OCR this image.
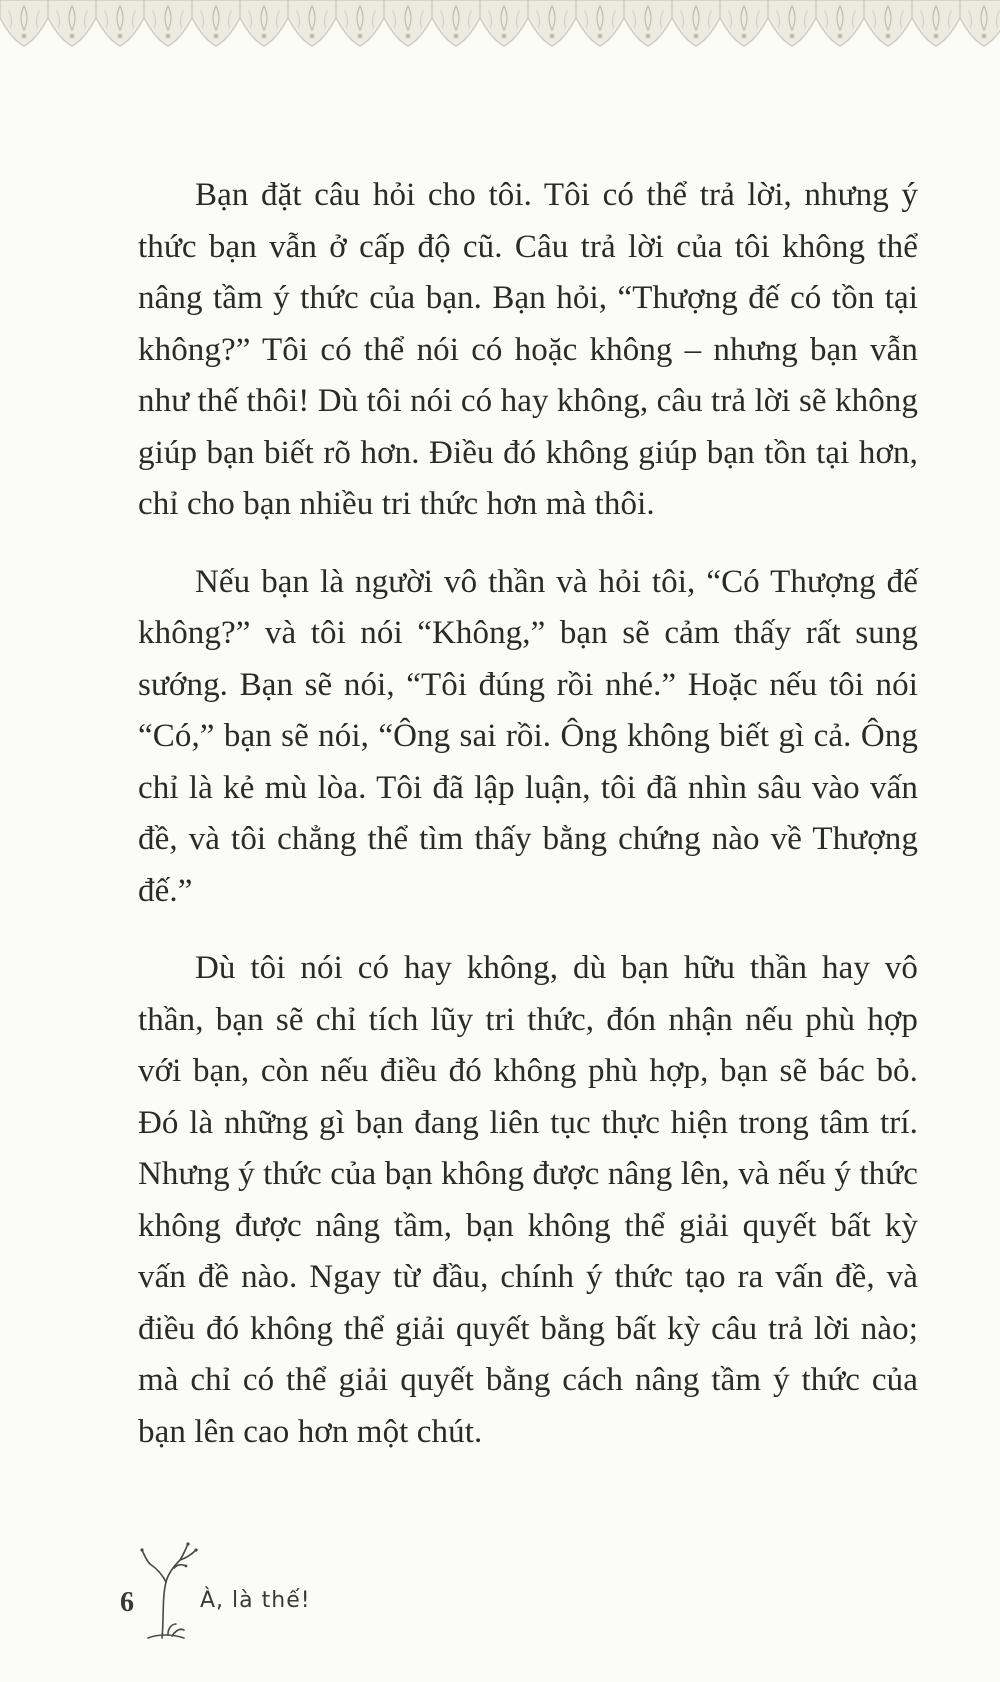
Bạn đặt câu hỏi cho tôi. Tôi có thể trả lời, nhưng ý thức bạn vẫn ở cấp độ cũ. Câu trả lời của tôi không thể nâng tầm ý thức của bạn. Bạn hỏi, “Thượng đế có tồn tại không?” Tôi có thể nói có hoặc không – nhưng bạn vẫn như thế thôi! Dù tôi nói có hay không, câu trả lời sẽ không giúp bạn biết rõ hơn. Điều đó không giúp bạn tồn tại hơn, chỉ cho bạn nhiều tri thức hơn mà thôi.

Nếu bạn là người vô thần và hỏi tôi, “Có Thượng đế không?” và tôi nói “Không,” bạn sẽ cảm thấy rất sung sướng. Bạn sẽ nói, “Tôi đúng rồi nhé.” Hoặc nếu tôi nói “Có,” bạn sẽ nói, “Ông sai rồi. Ông không biết gì cả. Ông chỉ là kẻ mù lòa. Tôi đã lập luận, tôi đã nhìn sâu vào vấn đề, và tôi chẳng thể tìm thấy bằng chứng nào về Thượng đế.”

Dù tôi nói có hay không, dù bạn hữu thần hay vô thần, bạn sẽ chỉ tích lũy tri thức, đón nhận nếu phù hợp với bạn, còn nếu điều đó không phù hợp, bạn sẽ bác bỏ. Đó là những gì bạn đang liên tục thực hiện trong tâm trí. Nhưng ý thức của bạn không được nâng lên, và nếu ý thức không được nâng tầm, bạn không thể giải quyết bất kỳ vấn đề nào. Ngay từ đầu, chính ý thức tạo ra vấn đề, và điều đó không thể giải quyết bằng bất kỳ câu trả lời nào; mà chỉ có thể giải quyết bằng cách nâng tầm ý thức của bạn lên cao hơn một chút.

6	À, là thế!
